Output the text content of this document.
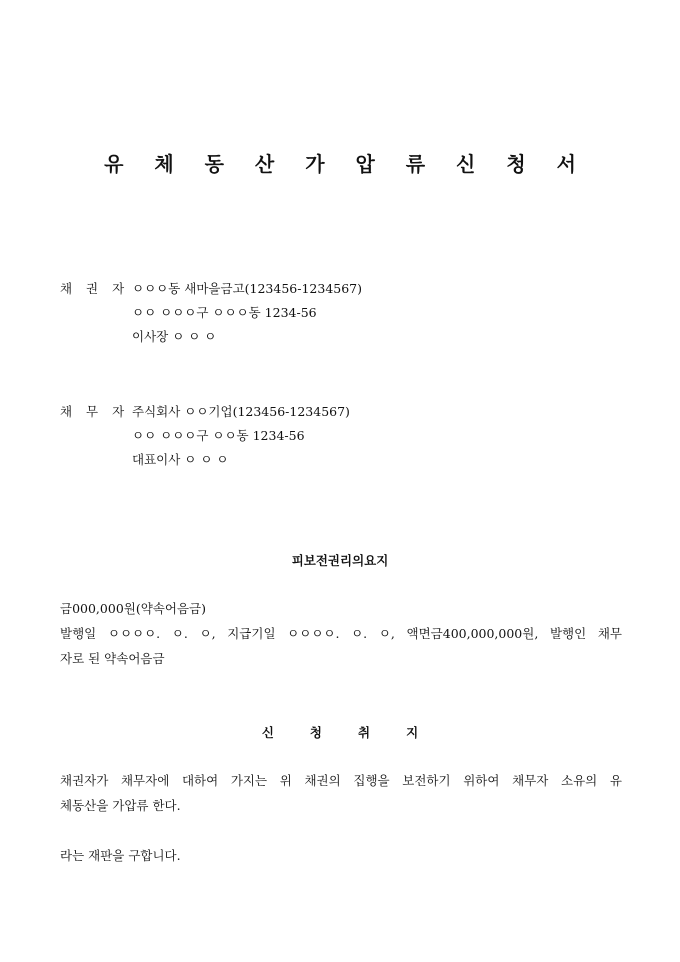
유 체 동 산 가 압 류 신 청 서
채 권 자 ㅇㅇㅇ동 새마을금고(123456-1234567)
ㅇㅇ ㅇㅇㅇ구 ㅇㅇㅇ동 1234-56
이사장 ㅇ ㅇ ㅇ
채 무 자 주식회사 ㅇㅇ기업(123456-1234567)
ㅇㅇ ㅇㅇㅇ구 ㅇㅇ동 1234-56
대표이사 ㅇ ㅇ ㅇ
피보전권리의요지
금000,000원(약속어음금)
발행일 ㅇㅇㅇㅇ. ㅇ. ㅇ, 지급기일 ㅇㅇㅇㅇ. ㅇ. ㅇ, 액면금400,000,000원, 발행인 채무
자로 된 약속어음금
신청취지
채권자가 채무자에 대하여 가지는 위 채권의 집행을 보전하기 위하여 채무자 소유의 유
체동산을 가압류 한다.
라는 재판을 구합니다.
